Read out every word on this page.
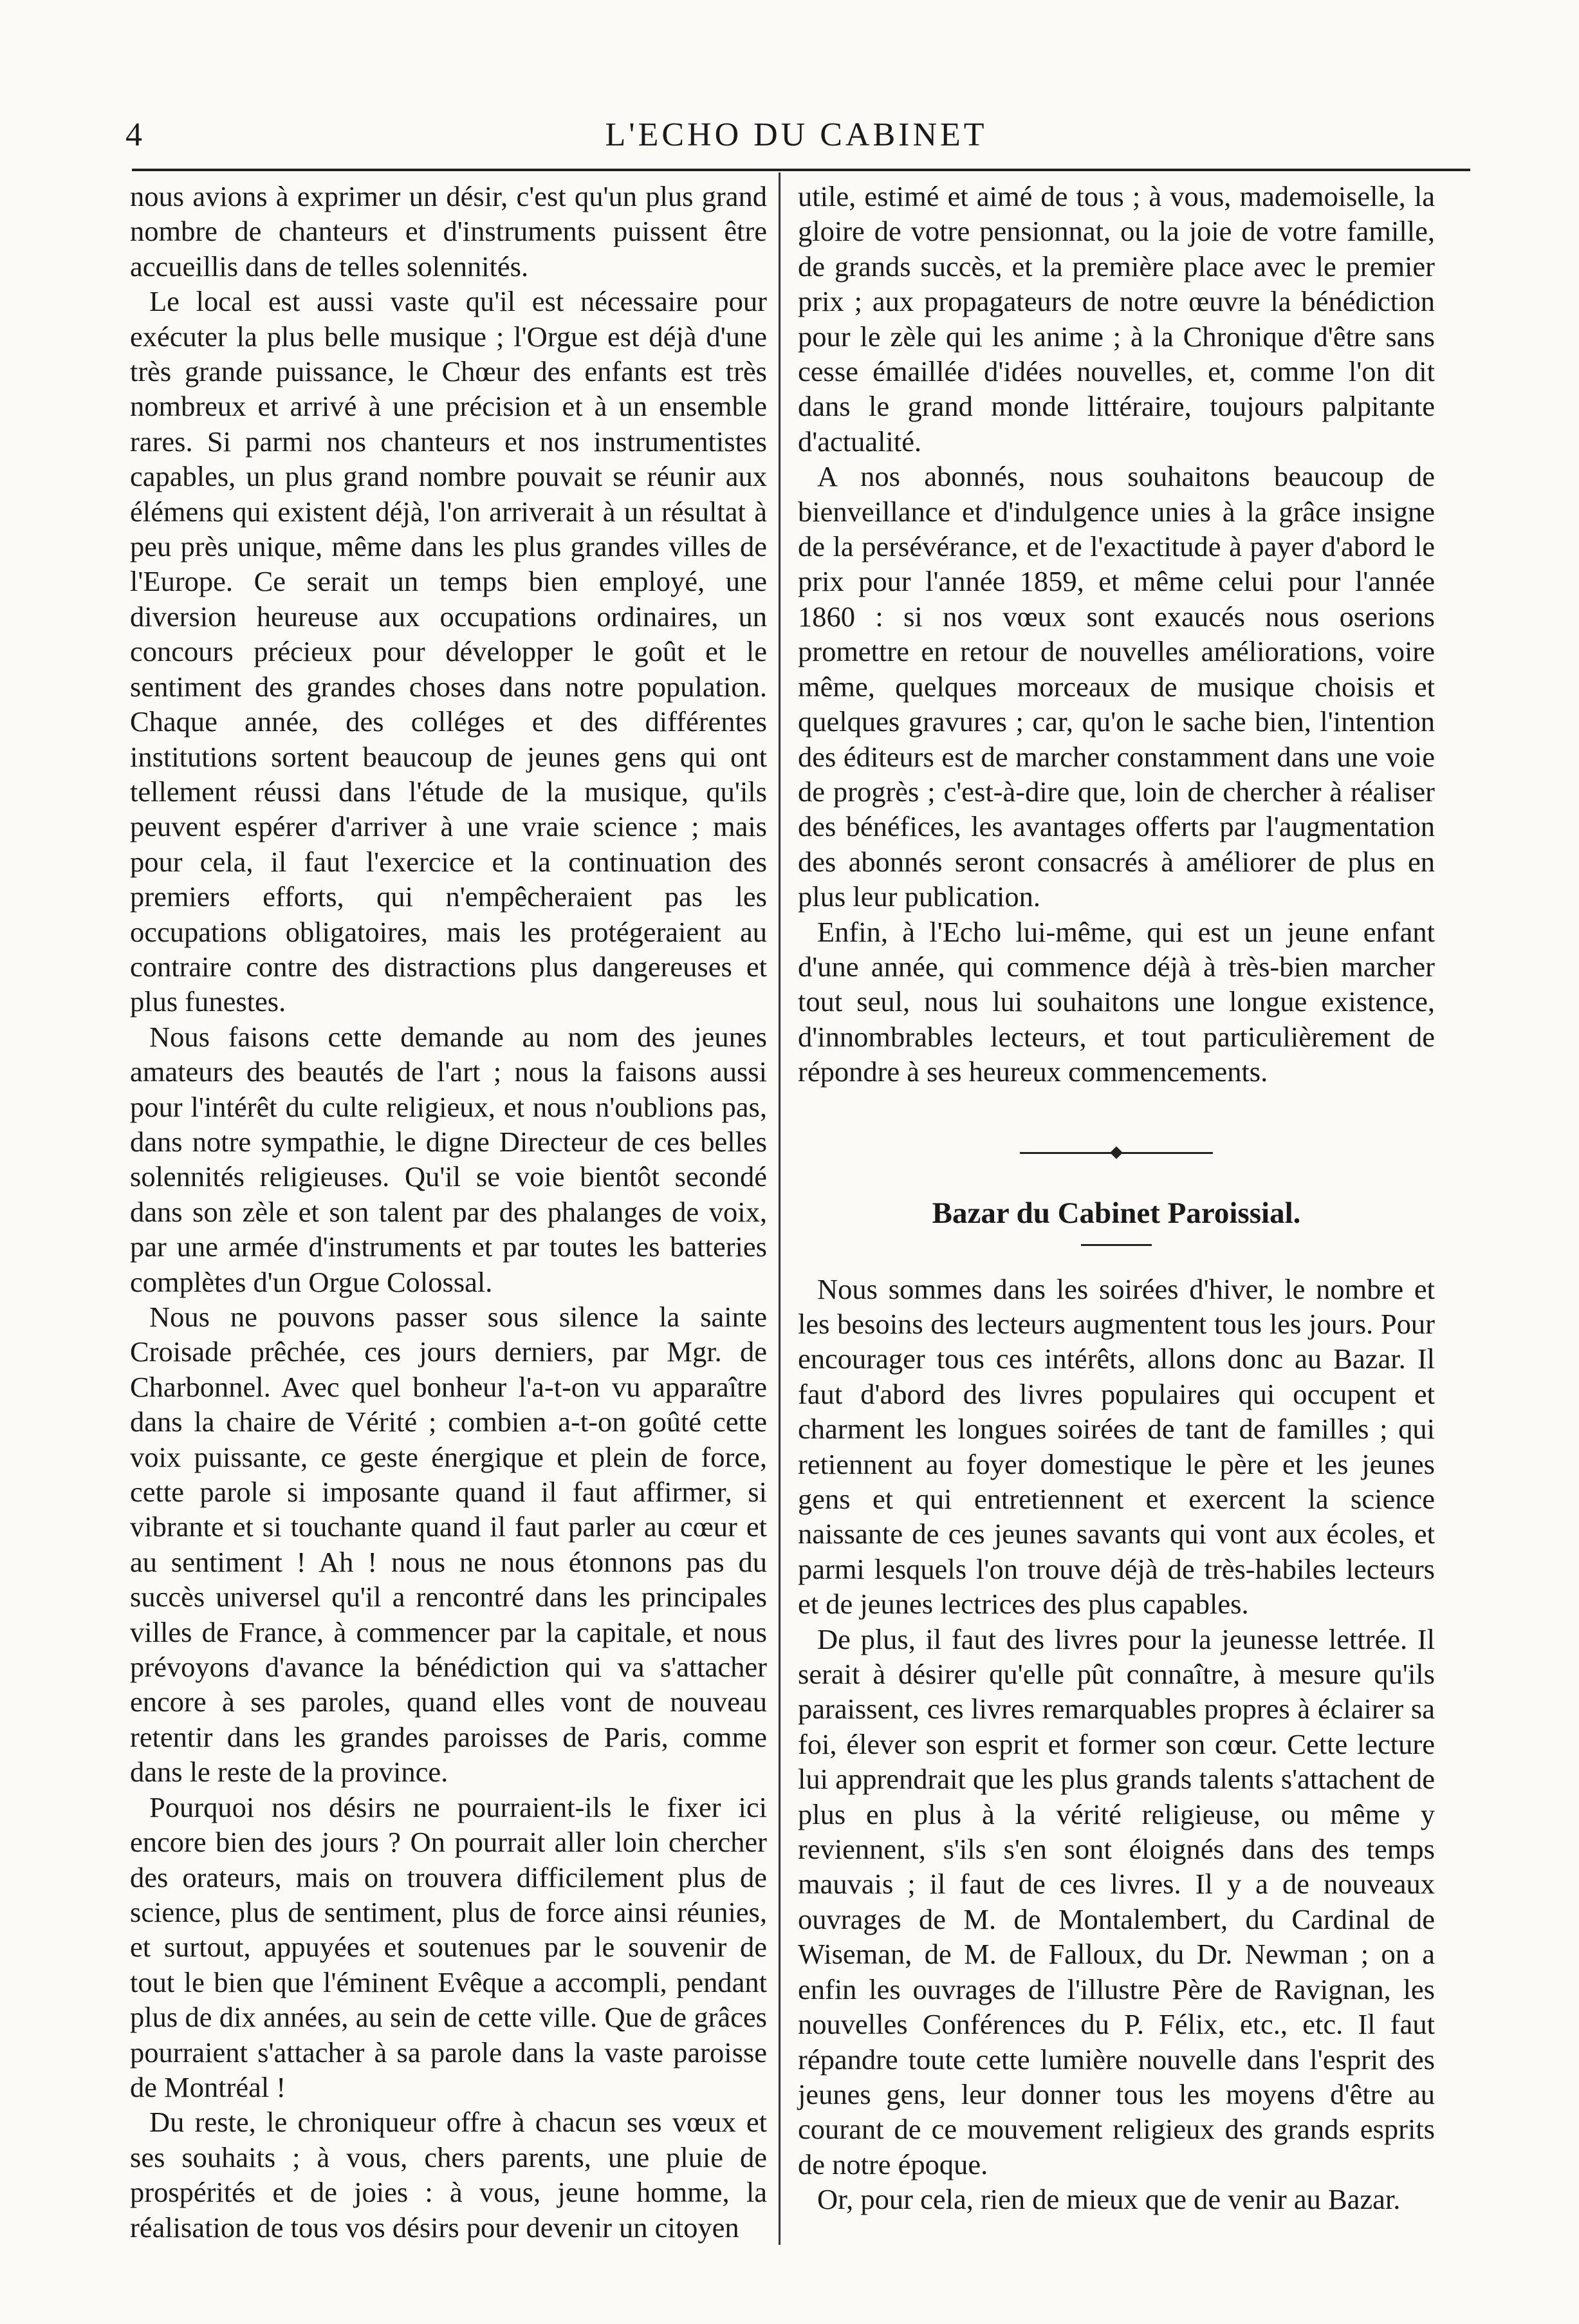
4	L'ECHO DU CABINET

nous avions à exprimer un désir, c'est qu'un plus grand nombre de chanteurs et d'instruments puissent être accueillis dans de telles solennités.

Le local est aussi vaste qu'il est nécessaire pour exécuter la plus belle musique ; l'Orgue est déjà d'une très grande puissance, le Chœur des enfants est très nombreux et arrivé à une précision et à un ensemble rares. Si parmi nos chanteurs et nos instrumentistes capables, un plus grand nombre pouvait se réunir aux élémens qui existent déjà, l'on arriverait à un résultat à peu près unique, même dans les plus grandes villes de l'Europe. Ce serait un temps bien employé, une diversion heureuse aux occupations ordinaires, un concours précieux pour développer le goût et le sentiment des grandes choses dans notre population. Chaque année, des colléges et des différentes institutions sortent beaucoup de jeunes gens qui ont tellement réussi dans l'étude de la musique, qu'ils peuvent espérer d'arriver à une vraie science ; mais pour cela, il faut l'exercice et la continuation des premiers efforts, qui n'empêcheraient pas les occupations obligatoires, mais les protégeraient au contraire contre des distractions plus dangereuses et plus funestes.

Nous faisons cette demande au nom des jeunes amateurs des beautés de l'art ; nous la faisons aussi pour l'intérêt du culte religieux, et nous n'oublions pas, dans notre sympathie, le digne Directeur de ces belles solennités religieuses. Qu'il se voie bientôt secondé dans son zèle et son talent par des phalanges de voix, par une armée d'instruments et par toutes les batteries complètes d'un Orgue Colossal.

Nous ne pouvons passer sous silence la sainte Croisade prêchée, ces jours derniers, par Mgr. de Charbonnel. Avec quel bonheur l'a-t-on vu apparaître dans la chaire de Vérité ; combien a-t-on goûté cette voix puissante, ce geste énergique et plein de force, cette parole si imposante quand il faut affirmer, si vibrante et si touchante quand il faut parler au cœur et au sentiment ! Ah ! nous ne nous étonnons pas du succès universel qu'il a rencontré dans les principales villes de France, à commencer par la capitale, et nous prévoyons d'avance la bénédiction qui va s'attacher encore à ses paroles, quand elles vont de nouveau retentir dans les grandes paroisses de Paris, comme dans le reste de la province.

Pourquoi nos désirs ne pourraient-ils le fixer ici encore bien des jours ? On pourrait aller loin chercher des orateurs, mais on trouvera difficilement plus de science, plus de sentiment, plus de force ainsi réunies, et surtout, appuyées et soutenues par le souvenir de tout le bien que l'éminent Evêque a accompli, pendant plus de dix années, au sein de cette ville. Que de grâces pourraient s'attacher à sa parole dans la vaste paroisse de Montréal !

Du reste, le chroniqueur offre à chacun ses vœux et ses souhaits ; à vous, chers parents, une pluie de prospérités et de joies : à vous, jeune homme, la réalisation de tous vos désirs pour devenir un citoyen

utile, estimé et aimé de tous ; à vous, mademoiselle, la gloire de votre pensionnat, ou la joie de votre famille, de grands succès, et la première place avec le premier prix ; aux propagateurs de notre œuvre la bénédiction pour le zèle qui les anime ; à la Chronique d'être sans cesse émaillée d'idées nouvelles, et, comme l'on dit dans le grand monde littéraire, toujours palpitante d'actualité.

A nos abonnés, nous souhaitons beaucoup de bienveillance et d'indulgence unies à la grâce insigne de la persévérance, et de l'exactitude à payer d'abord le prix pour l'année 1859, et même celui pour l'année 1860 : si nos vœux sont exaucés nous oserions promettre en retour de nouvelles améliorations, voire même, quelques morceaux de musique choisis et quelques gravures ; car, qu'on le sache bien, l'intention des éditeurs est de marcher constamment dans une voie de progrès ; c'est-à-dire que, loin de chercher à réaliser des bénéfices, les avantages offerts par l'augmentation des abonnés seront consacrés à améliorer de plus en plus leur publication.

Enfin, à l'Echo lui-même, qui est un jeune enfant d'une année, qui commence déjà à très-bien marcher tout seul, nous lui souhaitons une longue existence, d'innombrables lecteurs, et tout particulièrement de répondre à ses heureux commencements.

Bazar du Cabinet Paroissial.

Nous sommes dans les soirées d'hiver, le nombre et les besoins des lecteurs augmentent tous les jours. Pour encourager tous ces intérêts, allons donc au Bazar. Il faut d'abord des livres populaires qui occupent et charment les longues soirées de tant de familles ; qui retiennent au foyer domestique le père et les jeunes gens et qui entretiennent et exercent la science naissante de ces jeunes savants qui vont aux écoles, et parmi lesquels l'on trouve déjà de très-habiles lecteurs et de jeunes lectrices des plus capables.

De plus, il faut des livres pour la jeunesse lettrée. Il serait à désirer qu'elle pût connaître, à mesure qu'ils paraissent, ces livres remarquables propres à éclairer sa foi, élever son esprit et former son cœur. Cette lecture lui apprendrait que les plus grands talents s'attachent de plus en plus à la vérité religieuse, ou même y reviennent, s'ils s'en sont éloignés dans des temps mauvais ; il faut de ces livres. Il y a de nouveaux ouvrages de M. de Montalembert, du Cardinal de Wiseman, de M. de Falloux, du Dr. Newman ; on a enfin les ouvrages de l'illustre Père de Ravignan, les nouvelles Conférences du P. Félix, etc., etc. Il faut répandre toute cette lumière nouvelle dans l'esprit des jeunes gens, leur donner tous les moyens d'être au courant de ce mouvement religieux des grands esprits de notre époque.

Or, pour cela, rien de mieux que de venir au Bazar.
